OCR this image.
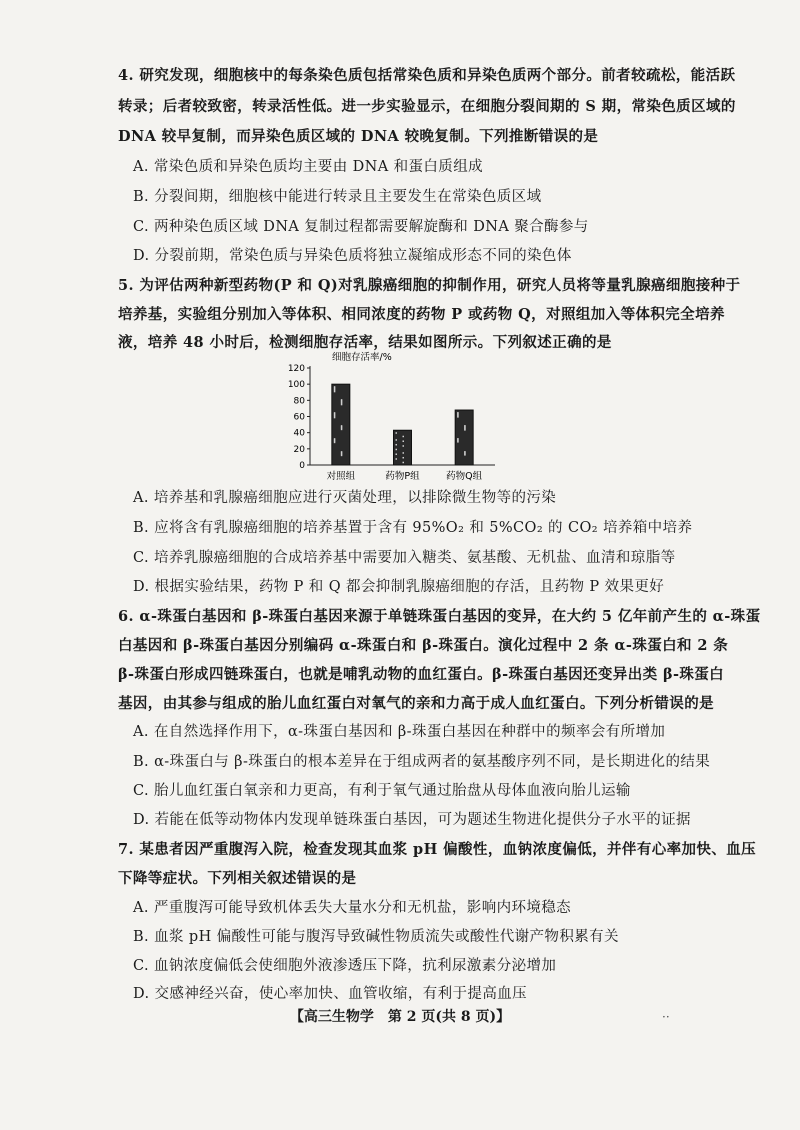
4. 研究发现，细胞核中的每条染色质包括常染色质和异染色质两个部分。前者较疏松，能活跃
转录；后者较致密，转录活性低。进一步实验显示，在细胞分裂间期的 S 期，常染色质区域的
DNA 较早复制，而异染色质区域的 DNA 较晚复制。下列推断错误的是
A. 常染色质和异染色质均主要由 DNA 和蛋白质组成
B. 分裂间期，细胞核中能进行转录且主要发生在常染色质区域
C. 两种染色质区域 DNA 复制过程都需要解旋酶和 DNA 聚合酶参与
D. 分裂前期，常染色质与异染色质将独立凝缩成形态不同的染色体
5. 为评估两种新型药物(P 和 Q)对乳腺癌细胞的抑制作用，研究人员将等量乳腺癌细胞接种于
培养基，实验组分别加入等体积、相同浓度的药物 P 或药物 Q，对照组加入等体积完全培养
液，培养 48 小时后，检测细胞存活率，结果如图所示。下列叙述正确的是
细胞存活率/%
0
20
40
60
80
100
120
对照组	药物P组	药物Q组
A. 培养基和乳腺癌细胞应进行灭菌处理，以排除微生物等的污染
B. 应将含有乳腺癌细胞的培养基置于含有 95%O₂ 和 5%CO₂ 的 CO₂ 培养箱中培养
C. 培养乳腺癌细胞的合成培养基中需要加入糖类、氨基酸、无机盐、血清和琼脂等
D. 根据实验结果，药物 P 和 Q 都会抑制乳腺癌细胞的存活，且药物 P 效果更好
6. α-珠蛋白基因和 β-珠蛋白基因来源于单链珠蛋白基因的变异，在大约 5 亿年前产生的 α-珠蛋
白基因和 β-珠蛋白基因分别编码 α-珠蛋白和 β-珠蛋白。演化过程中 2 条 α-珠蛋白和 2 条
β-珠蛋白形成四链珠蛋白，也就是哺乳动物的血红蛋白。β-珠蛋白基因还变异出类 β-珠蛋白
基因，由其参与组成的胎儿血红蛋白对氧气的亲和力高于成人血红蛋白。下列分析错误的是
A. 在自然选择作用下，α-珠蛋白基因和 β-珠蛋白基因在种群中的频率会有所增加
B. α-珠蛋白与 β-珠蛋白的根本差异在于组成两者的氨基酸序列不同，是长期进化的结果
C. 胎儿血红蛋白氧亲和力更高，有利于氧气通过胎盘从母体血液向胎儿运输
D. 若能在低等动物体内发现单链珠蛋白基因，可为题述生物进化提供分子水平的证据
7. 某患者因严重腹泻入院，检查发现其血浆 pH 偏酸性，血钠浓度偏低，并伴有心率加快、血压
下降等症状。下列相关叙述错误的是
A. 严重腹泻可能导致机体丢失大量水分和无机盐，影响内环境稳态
B. 血浆 pH 偏酸性可能与腹泻导致碱性物质流失或酸性代谢产物积累有关
C. 血钠浓度偏低会使细胞外液渗透压下降，抗利尿激素分泌增加
D. 交感神经兴奋，使心率加快、血管收缩，有利于提高血压
【高三生物学　第 2 页(共 8 页)】	··
